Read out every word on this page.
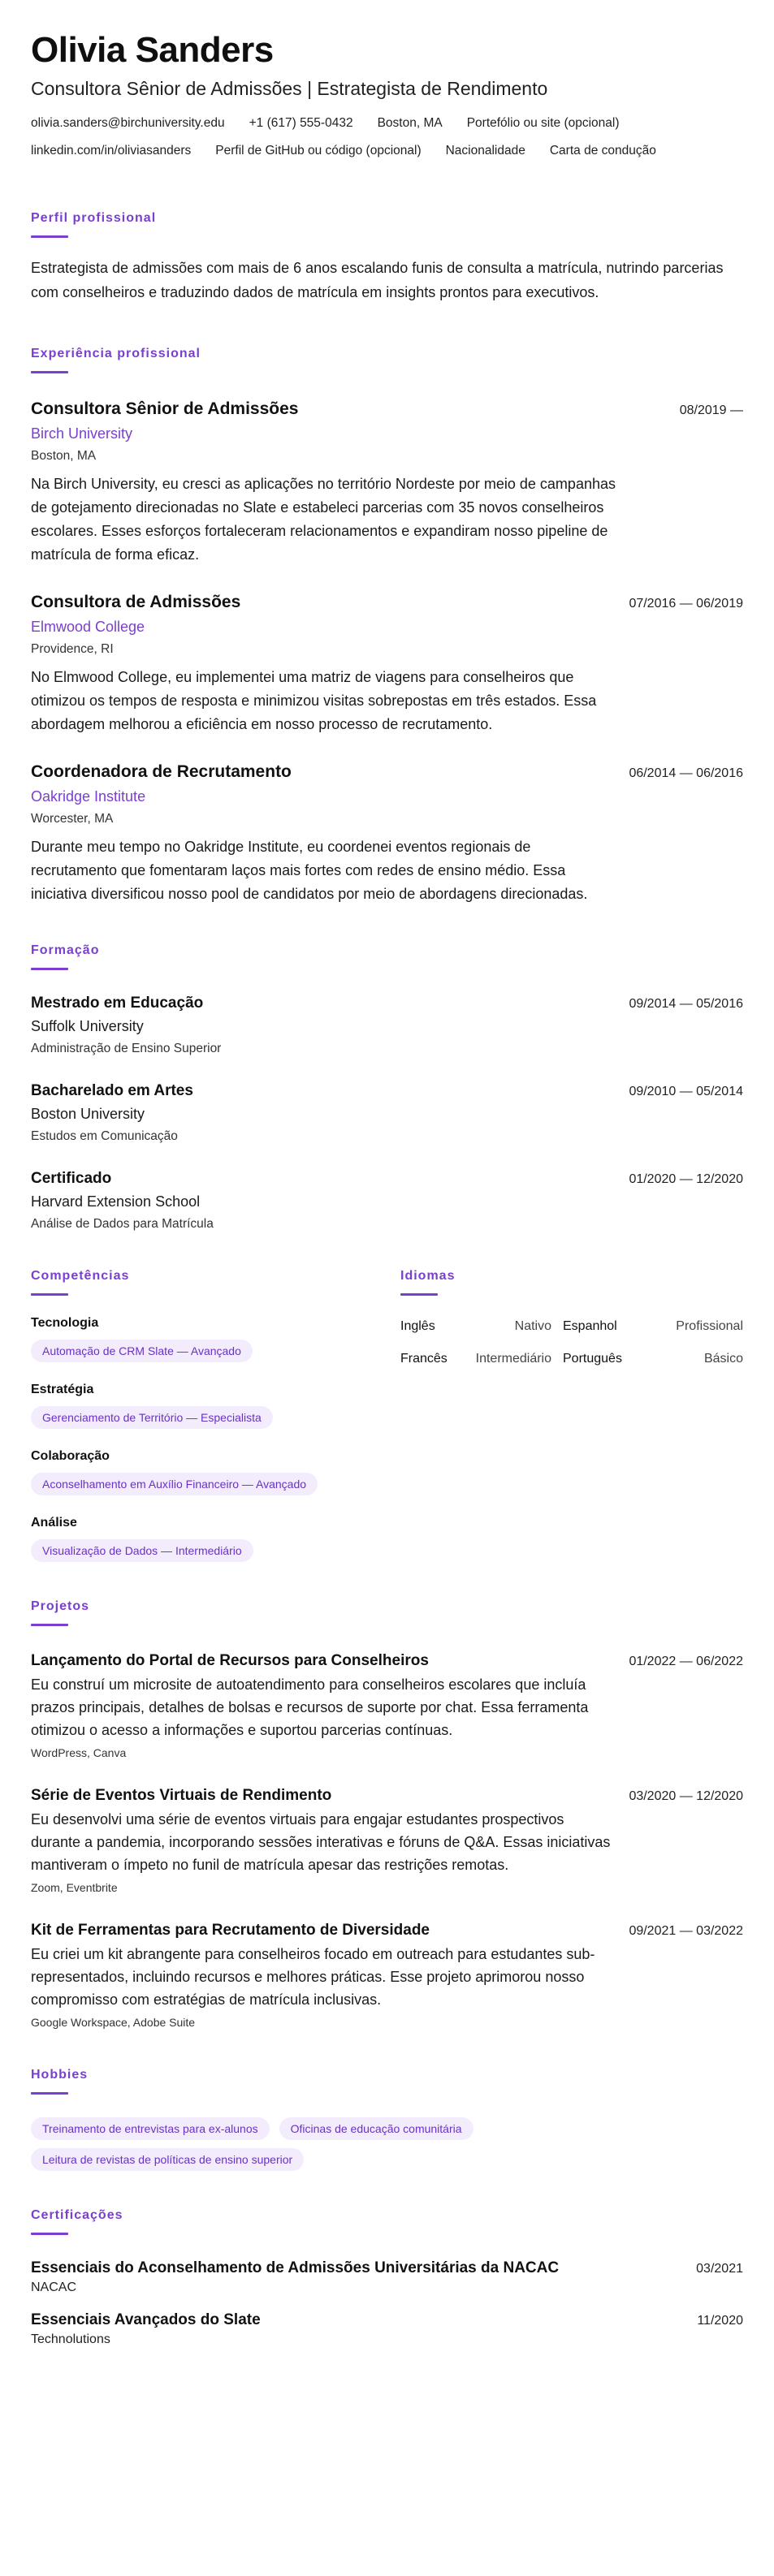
Olivia Sanders
Consultora Sênior de Admissões | Estrategista de Rendimento
olivia.sanders@birchuniversity.edu +1 (617) 555-0432 Boston, MA Portefólio ou site (opcional)
linkedin.com/in/oliviasanders Perfil de GitHub ou código (opcional) Nacionalidade Carta de condução
Perfil profissional
Estrategista de admissões com mais de 6 anos escalando funis de consulta a matrícula, nutrindo parcerias com conselheiros e traduzindo dados de matrícula em insights prontos para executivos.
Experiência profissional
Consultora Sênior de Admissões	08/2019 —
Birch University
Boston, MA
Na Birch University, eu cresci as aplicações no território Nordeste por meio de campanhas de gotejamento direcionadas no Slate e estabeleci parcerias com 35 novos conselheiros escolares. Esses esforços fortaleceram relacionamentos e expandiram nosso pipeline de matrícula de forma eficaz.
Consultora de Admissões	07/2016 — 06/2019
Elmwood College
Providence, RI
No Elmwood College, eu implementei uma matriz de viagens para conselheiros que otimizou os tempos de resposta e minimizou visitas sobrepostas em três estados. Essa abordagem melhorou a eficiência em nosso processo de recrutamento.
Coordenadora de Recrutamento	06/2014 — 06/2016
Oakridge Institute
Worcester, MA
Durante meu tempo no Oakridge Institute, eu coordenei eventos regionais de recrutamento que fomentaram laços mais fortes com redes de ensino médio. Essa iniciativa diversificou nosso pool de candidatos por meio de abordagens direcionadas.
Formação
Mestrado em Educação	09/2014 — 05/2016
Suffolk University
Administração de Ensino Superior
Bacharelado em Artes	09/2010 — 05/2014
Boston University
Estudos em Comunicação
Certificado	01/2020 — 12/2020
Harvard Extension School
Análise de Dados para Matrícula
Competências
Tecnologia
Automação de CRM Slate — Avançado
Estratégia
Gerenciamento de Território — Especialista
Colaboração
Aconselhamento em Auxílio Financeiro — Avançado
Análise
Visualização de Dados — Intermediário
Idiomas
Inglês	Nativo Espanhol	Profissional
Francês Intermediário Português	Básico
Projetos
Lançamento do Portal de Recursos para Conselheiros	01/2022 — 06/2022
Eu construí um microsite de autoatendimento para conselheiros escolares que incluía prazos principais, detalhes de bolsas e recursos de suporte por chat. Essa ferramenta otimizou o acesso a informações e suportou parcerias contínuas.
WordPress, Canva
Série de Eventos Virtuais de Rendimento	03/2020 — 12/2020
Eu desenvolvi uma série de eventos virtuais para engajar estudantes prospectivos durante a pandemia, incorporando sessões interativas e fóruns de Q&A. Essas iniciativas mantiveram o ímpeto no funil de matrícula apesar das restrições remotas.
Zoom, Eventbrite
Kit de Ferramentas para Recrutamento de Diversidade	09/2021 — 03/2022
Eu criei um kit abrangente para conselheiros focado em outreach para estudantes sub-representados, incluindo recursos e melhores práticas. Esse projeto aprimorou nosso compromisso com estratégias de matrícula inclusivas.
Google Workspace, Adobe Suite
Hobbies
Treinamento de entrevistas para ex-alunos	Oficinas de educação comunitária
Leitura de revistas de políticas de ensino superior
Certificações
Essenciais do Aconselhamento de Admissões Universitárias da NACAC	03/2021
NACAC
Essenciais Avançados do Slate	11/2020
Technolutions
